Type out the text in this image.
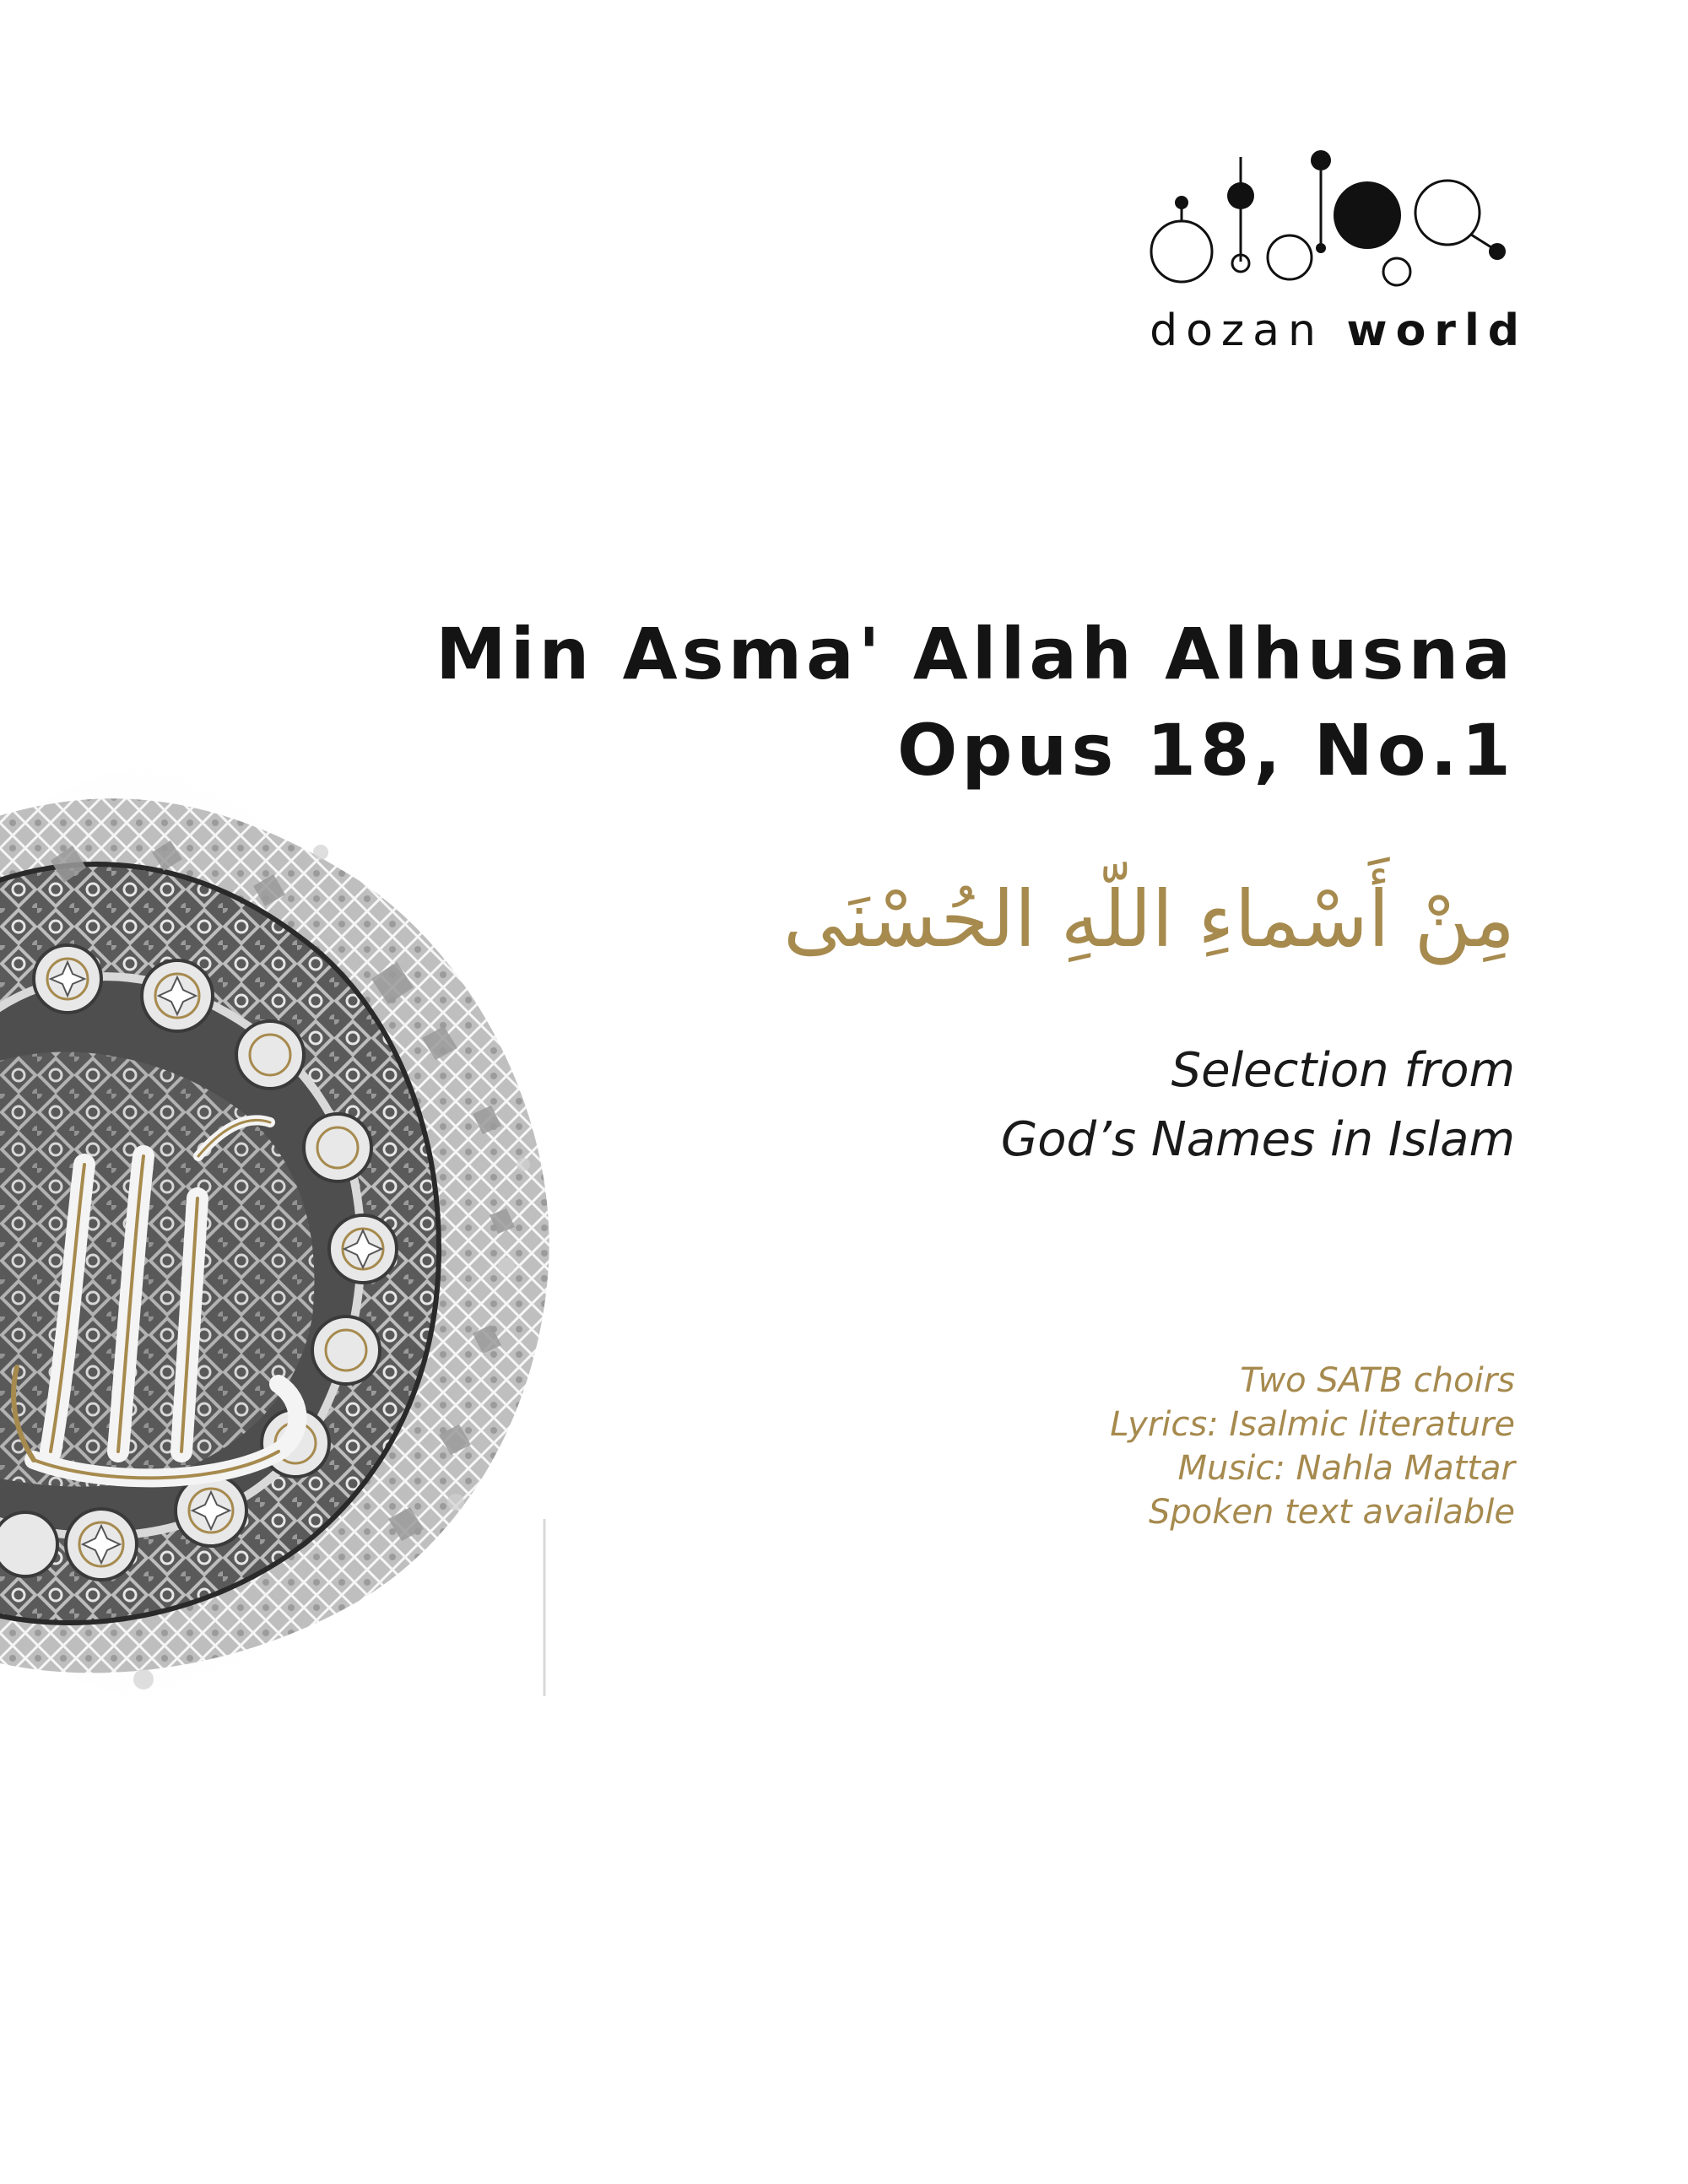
dozan world
Min Asma' Allah Alhusna
Opus 18, No.1
مِنْ أَسْماءِ اللّهِ الحُسْنَى
Selection from
God’s Names in Islam
Two SATB choirs
Lyrics: Isalmic literature
Music: Nahla Mattar
Spoken text available
